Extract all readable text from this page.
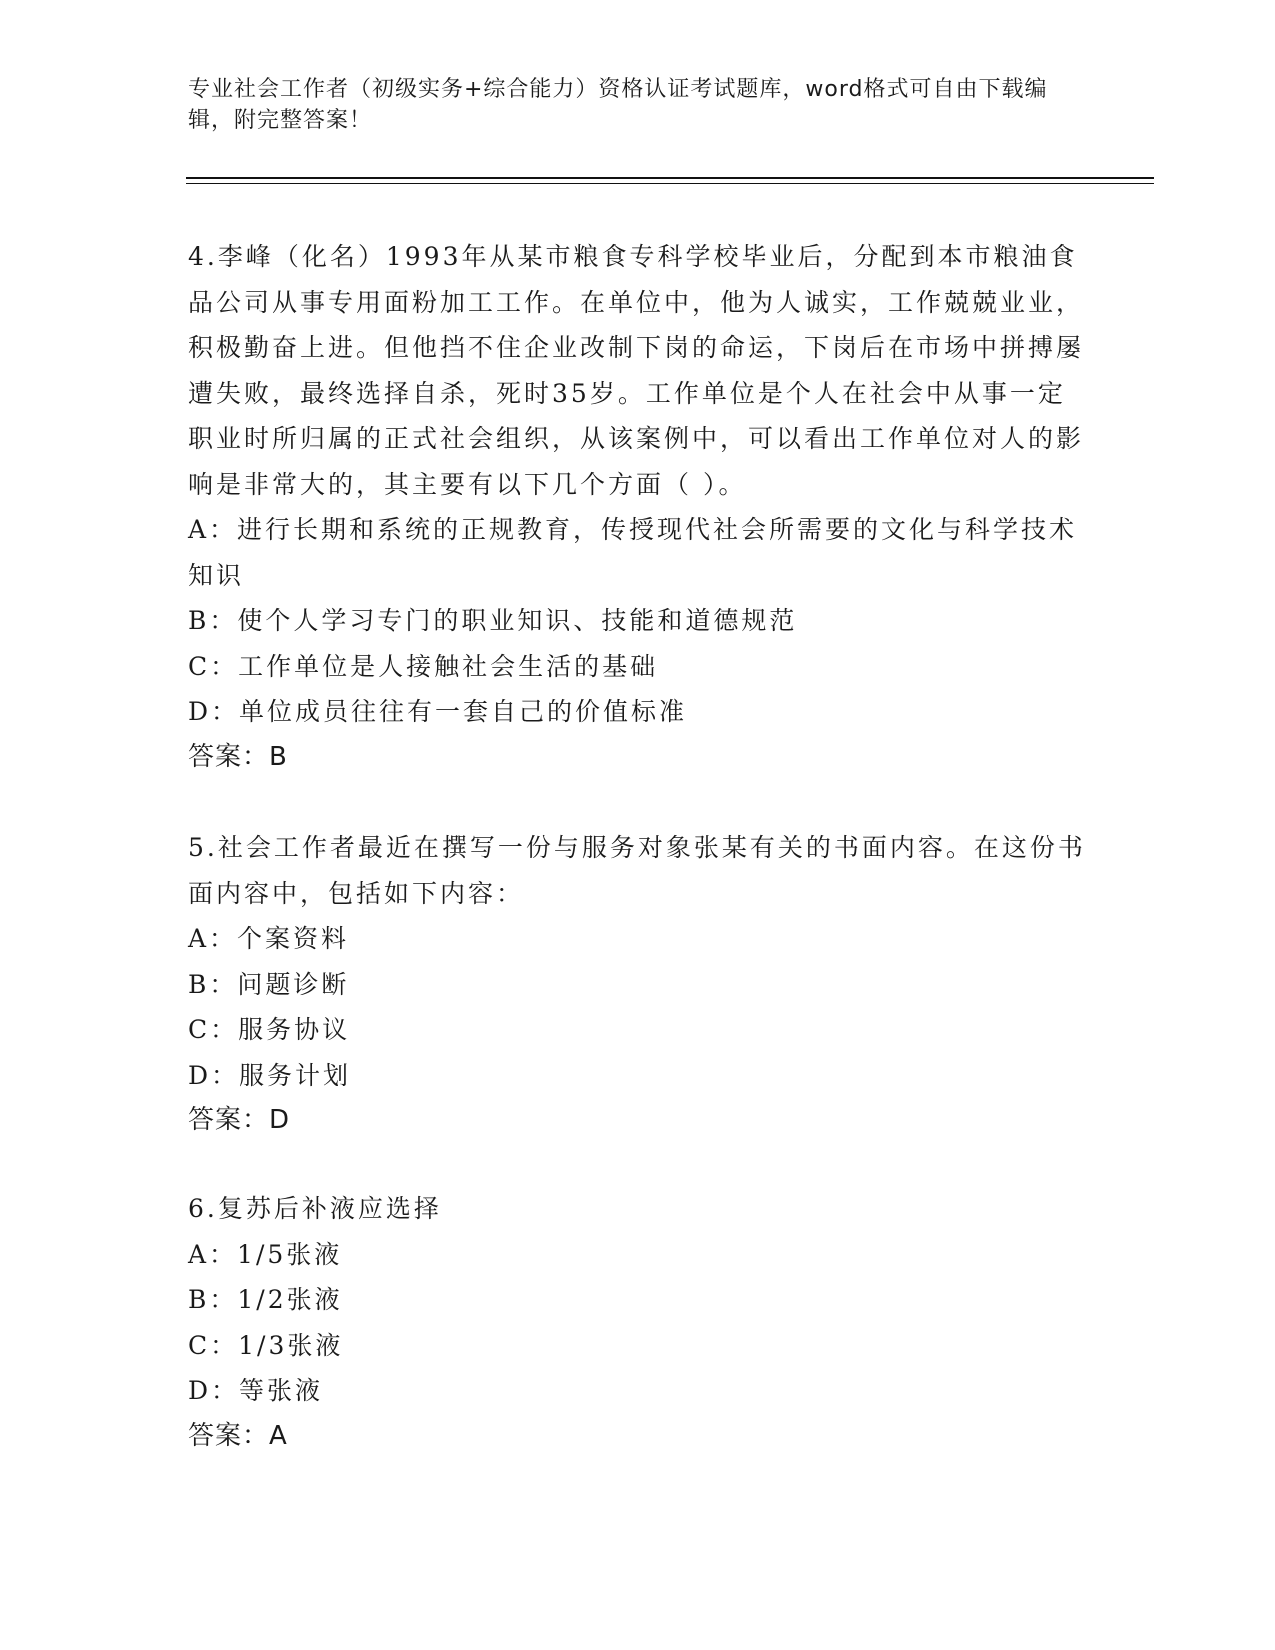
专业社会工作者（初级实务+综合能力）资格认证考试题库，word格式可自由下载编辑，附完整答案！

4.李峰（化名）1993年从某市粮食专科学校毕业后，分配到本市粮油食品公司从事专用面粉加工工作。在单位中，他为人诚实，工作兢兢业业，积极勤奋上进。但他挡不住企业改制下岗的命运，下岗后在市场中拼搏屡遭失败，最终选择自杀，死时35岁。工作单位是个人在社会中从事一定职业时所归属的正式社会组织，从该案例中，可以看出工作单位对人的影响是非常大的，其主要有以下几个方面（ ）。

A：进行长期和系统的正规教育，传授现代社会所需要的文化与科学技术知识

B：使个人学习专门的职业知识、技能和道德规范

C：工作单位是人接触社会生活的基础

D：单位成员往往有一套自己的价值标准

答案：B

5.社会工作者最近在撰写一份与服务对象张某有关的书面内容。在这份书面内容中，包括如下内容：

A：个案资料

B：问题诊断

C：服务协议

D：服务计划

答案：D

6.复苏后补液应选择

A：1/5张液

B：1/2张液

C：1/3张液

D：等张液

答案：A
